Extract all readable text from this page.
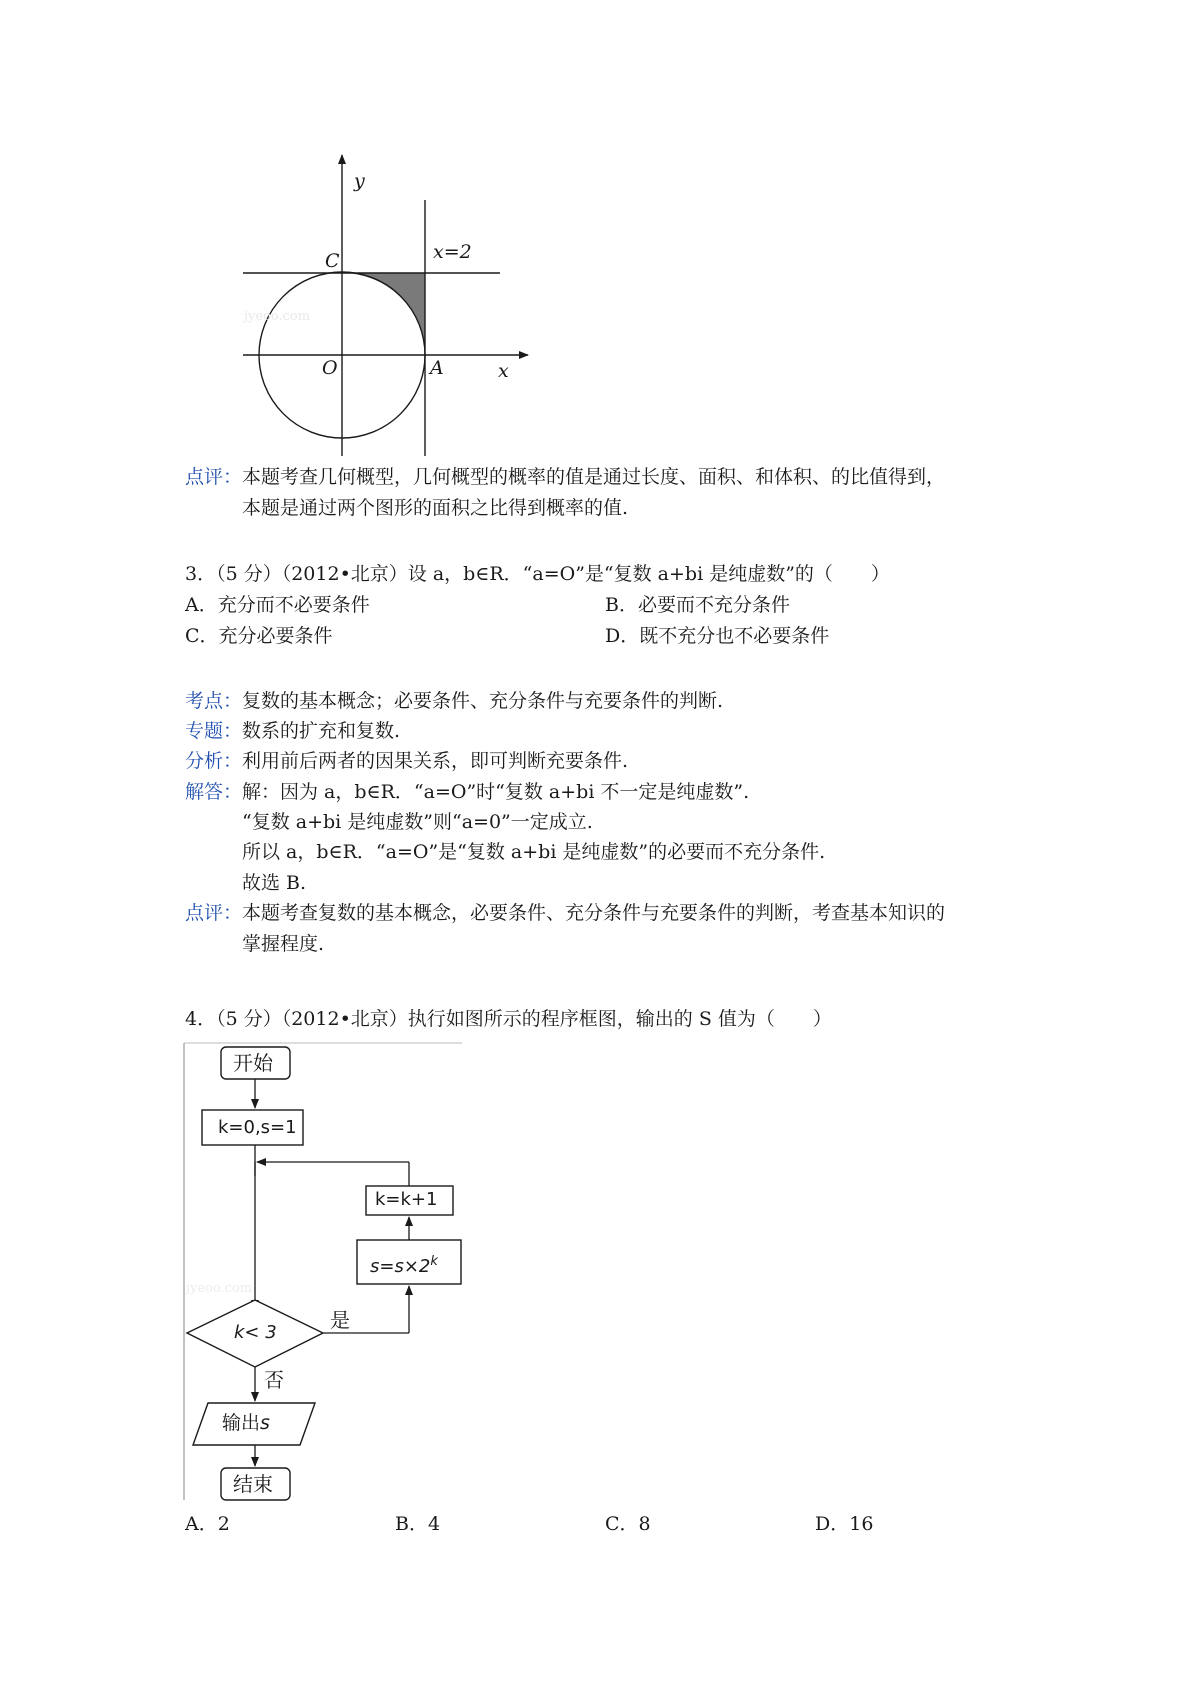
y
x
C
O	A
x=2
jyeoo.com
点评： 本题考查几何概型，几何概型的概率的值是通过长度、面积、和体积、的比值得到，
本题是通过两个图形的面积之比得到概率的值.
3．（5 分）（2012•北京）设 a，b∈R．“a=O”是“复数 a+bi 是纯虚数”的（　　）
A．充分而不必要条件	B．必要而不充分条件
C．充分必要条件	D．既不充分也不必要条件
考点： 复数的基本概念；必要条件、充分条件与充要条件的判断.
专题： 数系的扩充和复数.
分析： 利用前后两者的因果关系，即可判断充要条件.
解答： 解：因为 a，b∈R．“a=O”时“复数 a+bi 不一定是纯虚数”.
“复数 a+bi 是纯虚数”则“a=0”一定成立.
所以 a，b∈R．“a=O”是“复数 a+bi 是纯虚数”的必要而不充分条件.
故选 B.
点评： 本题考查复数的基本概念，必要条件、充分条件与充要条件的判断，考查基本知识的
掌握程度.
4．（5 分）（2012•北京）执行如图所示的程序框图，输出的 S 值为（　　）
开始
k=0,s=1
k=k+1
$s=s\times 2^k$
k< 3
是
否
输出s
结束
jyeoo.com
A．2	B．4	C．8	D．16
